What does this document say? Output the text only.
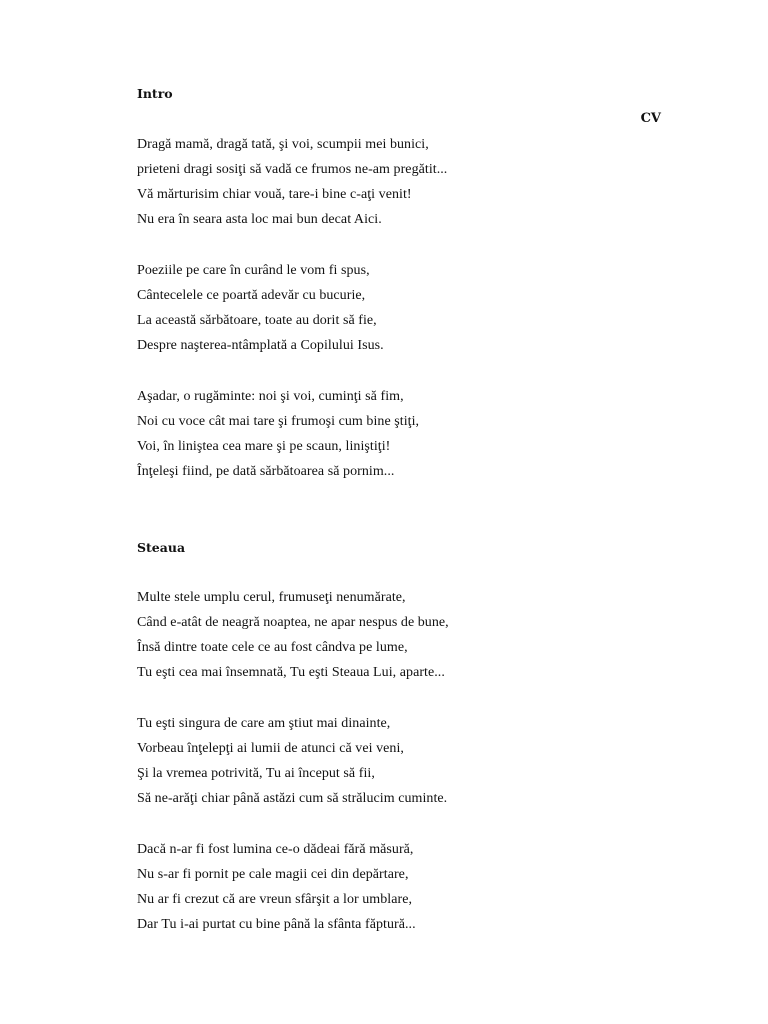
Intro
CV
Dragă mamă, dragă tată, şi voi, scumpii mei bunici,
prieteni dragi sosiţi să vadă ce frumos ne-am pregătit...
Vă mărturisim chiar vouă, tare-i bine c-aţi venit!
Nu era în seara asta loc mai bun decat Aici.
Poeziile pe care în curând le vom fi spus,
Cântecelele ce poartă adevăr cu bucurie,
La această sărbătoare, toate au dorit să fie,
Despre naşterea-ntâmplată a Copilului Isus.
Aşadar, o rugăminte: noi şi voi, cuminţi să fim,
Noi cu voce cât mai tare şi frumoşi cum bine ştiţi,
Voi, în liniştea cea mare şi pe scaun, liniştiţi!
Înţeleşi fiind, pe dată sărbătoarea să pornim...
Steaua
Multe stele umplu cerul, frumuseţi nenumărate,
Când e-atât de neagră noaptea, ne apar nespus de bune,
Însă dintre toate cele ce au fost cândva pe lume,
Tu eşti cea mai însemnată, Tu eşti Steaua Lui, aparte...
Tu eşti singura de care am ştiut mai dinainte,
Vorbeau înţelepţi ai lumii de atunci că vei veni,
Şi la vremea potrivită, Tu ai început să fii,
Să ne-arăţi chiar până astăzi cum să strălucim cuminte.
Dacă n-ar fi fost lumina ce-o dădeai fără măsură,
Nu s-ar fi pornit pe cale magii cei din depărtare,
Nu ar fi crezut că are vreun sfârşit a lor umblare,
Dar Tu i-ai purtat cu bine până la sfânta făptură...
